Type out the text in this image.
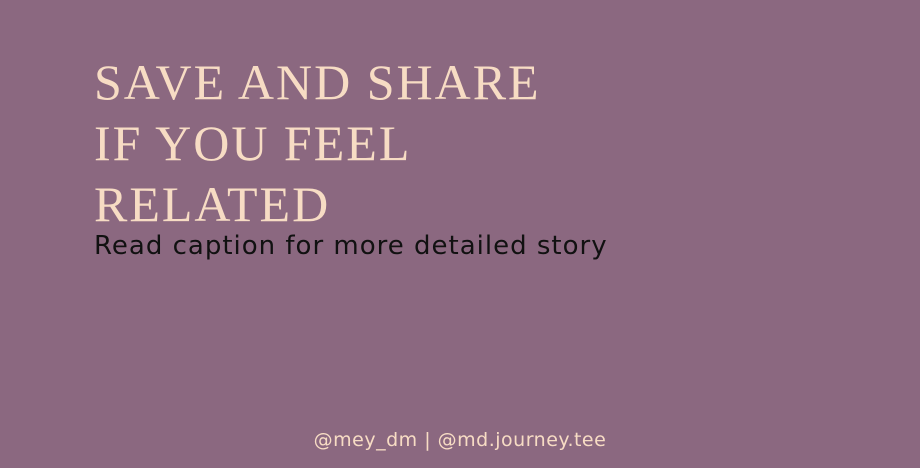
SAVE AND SHARE
IF YOU FEEL
RELATED

Read caption for more detailed story

@mey_dm | @md.journey.tee
